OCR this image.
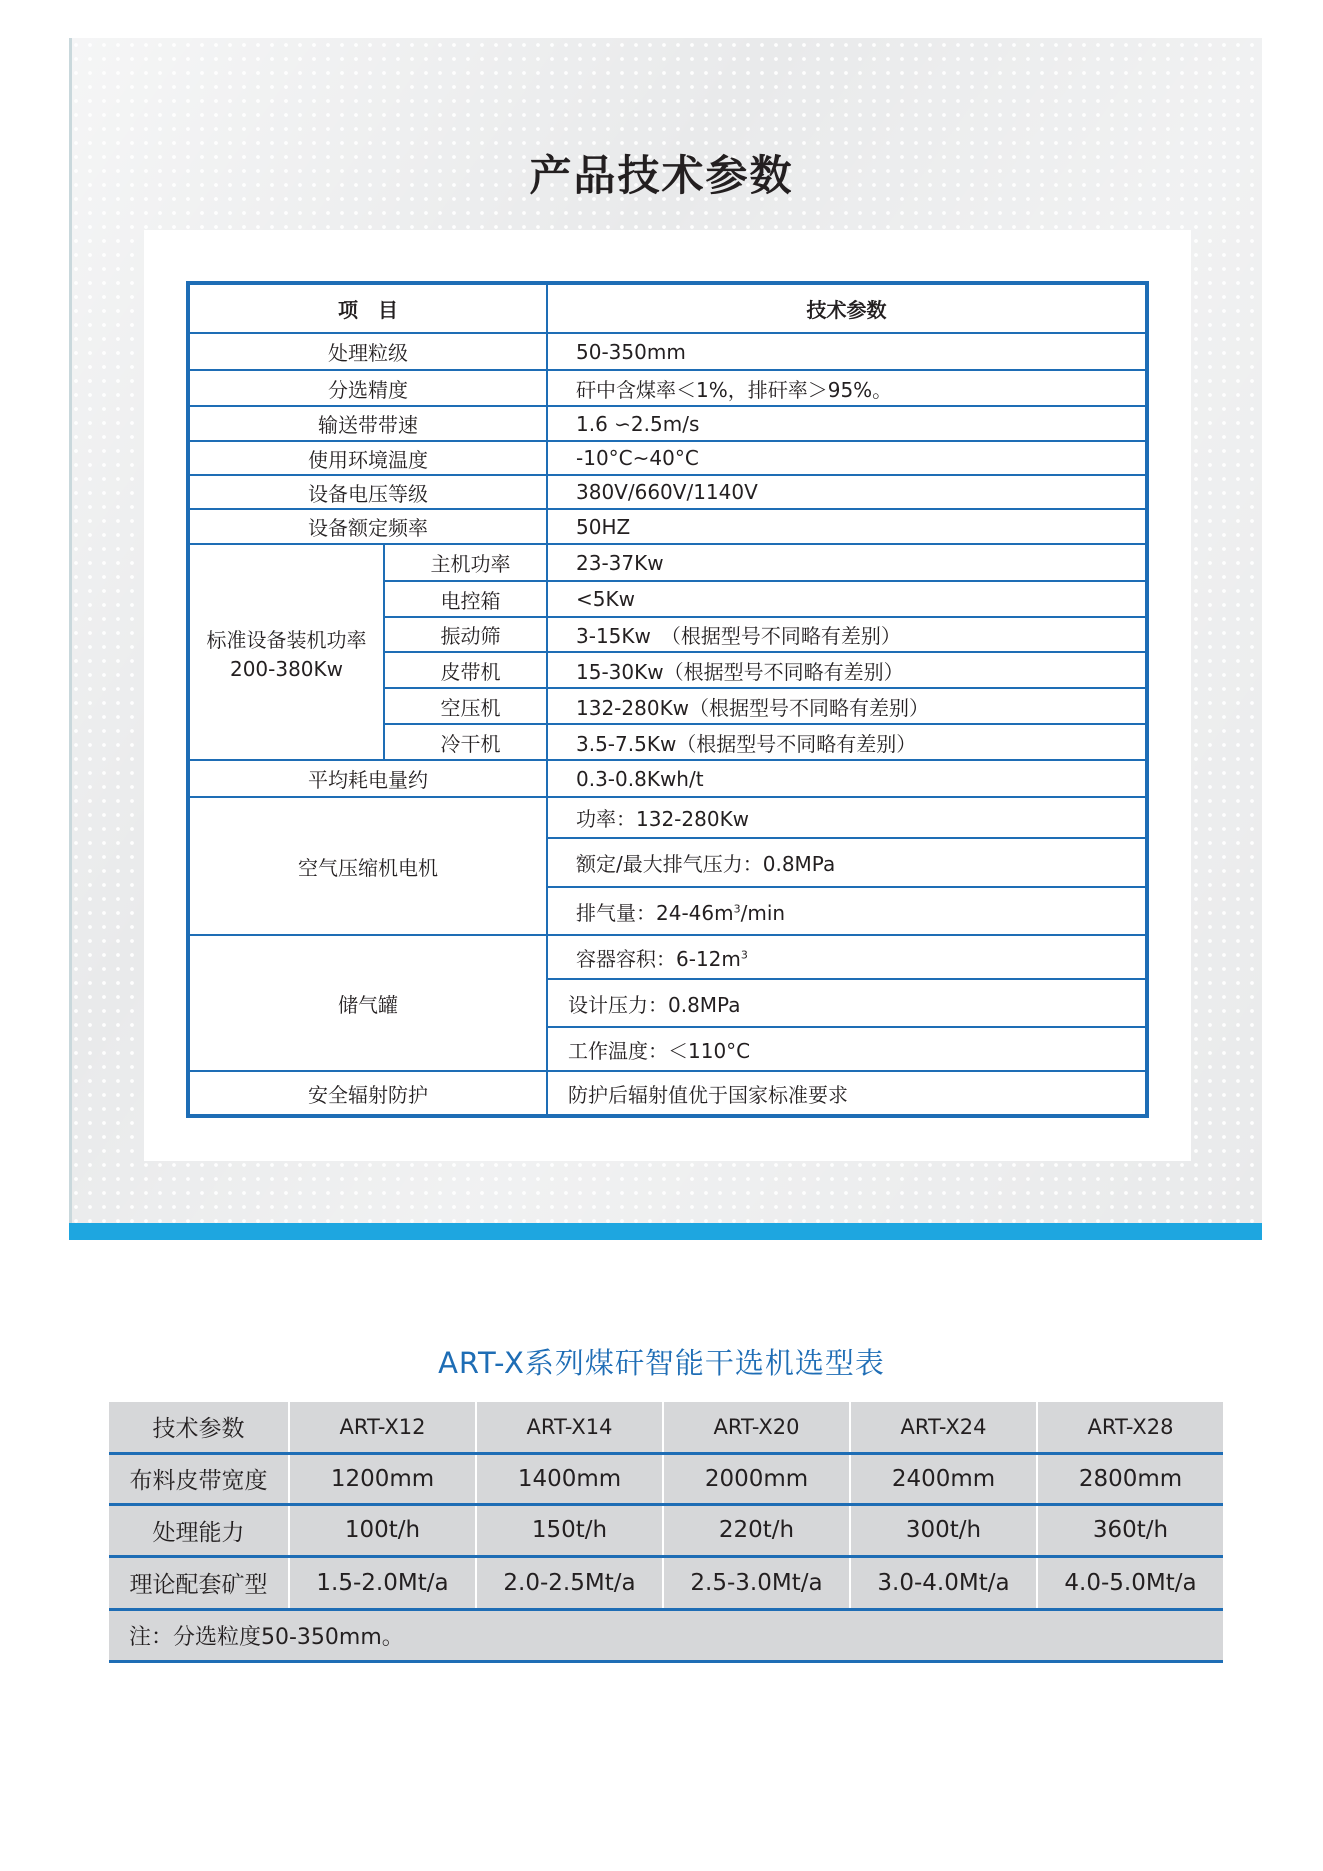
产品技术参数
项　目		技术参数
处理粒级		50-350mm
分选精度		矸中含煤率＜1%，排矸率＞95%。
输送带带速		1.6 ∽2.5m/s
使用环境温度		-10°C~40°C
设备电压等级		380V/660V/1140V
设备额定频率		50HZ

标准设备装机功率
200-380Kw	主机功率	23-37Kw
	电控箱	<5Kw
	振动筛	3-15Kw　（根据型号不同略有差别）
	皮带机	15-30Kw（根据型号不同略有差别）
	空压机	132-280Kw（根据型号不同略有差别）
	冷干机	3.5-7.5Kw（根据型号不同略有差别）
平均耗电量约		0.3-0.8Kwh/t
空气压缩机电机		功率：132-280Kw
		额定/最大排气压力：0.8MPa
		排气量：$24-46m^3/\min$
储气罐		容器容积：$6-12m^3$
		设计压力：0.8MPa
		工作温度：＜110°C
安全辐射防护		防护后辐射值优于国家标准要求
ART-X系列煤矸智能干选机选型表
技术参数	ART-X12	ART-X14	ART-X20	ART-X24	ART-X28
布料皮带宽度	1200mm	1400mm	2000mm	2400mm	2800mm
处理能力	100t/h	150t/h	220t/h	300t/h	360t/h
理论配套矿型	1.5-2.0Mt/a	2.0-2.5Mt/a	2.5-3.0Mt/a	3.0-4.0Mt/a	4.0-5.0Mt/a
注：分选粒度50-350mm。					
